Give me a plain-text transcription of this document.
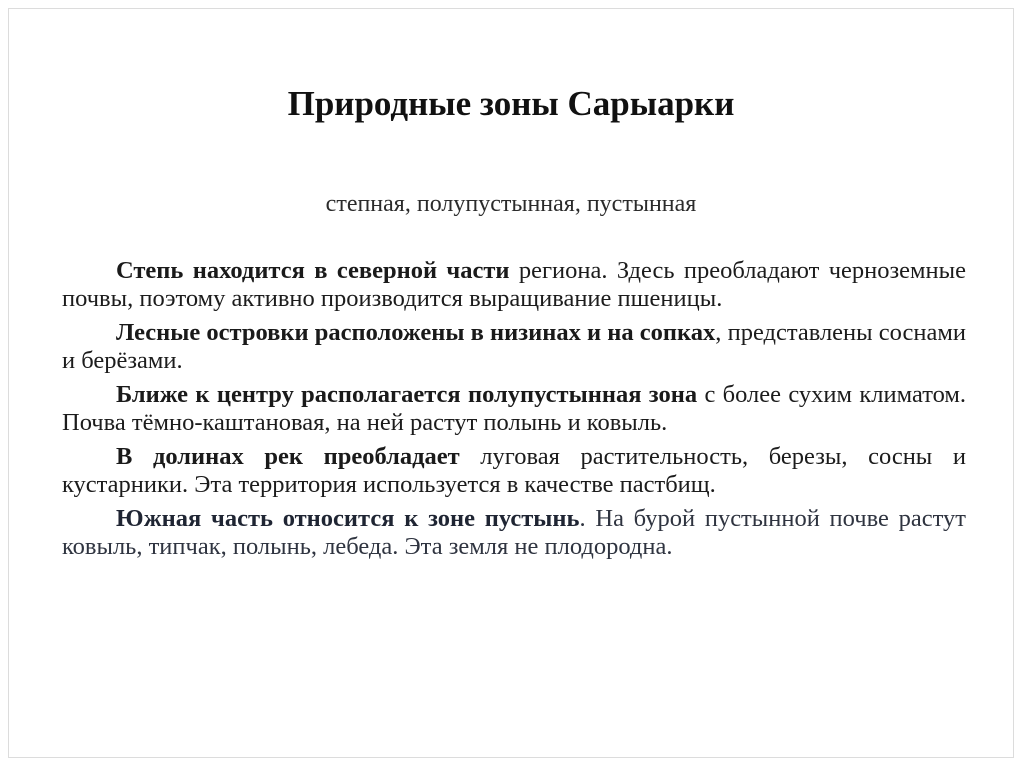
Природные зоны Сарыарки
степная, полупустынная, пустынная

Степь находится в северной части региона. Здесь преобладают черноземные почвы, поэтому активно производится выращивание пшеницы.

Лесные островки расположены в низинах и на сопках, представлены соснами и берёзами.

Ближе к центру располагается полупустынная зона с более сухим климатом. Почва тёмно-каштановая, на ней растут полынь и ковыль.

В долинах рек преобладает луговая растительность, березы, сосны и кустарники. Эта территория используется в качестве пастбищ.

Южная часть относится к зоне пустынь. На бурой пустынной почве растут ковыль, типчак, полынь, лебеда. Эта земля не плодородна.
